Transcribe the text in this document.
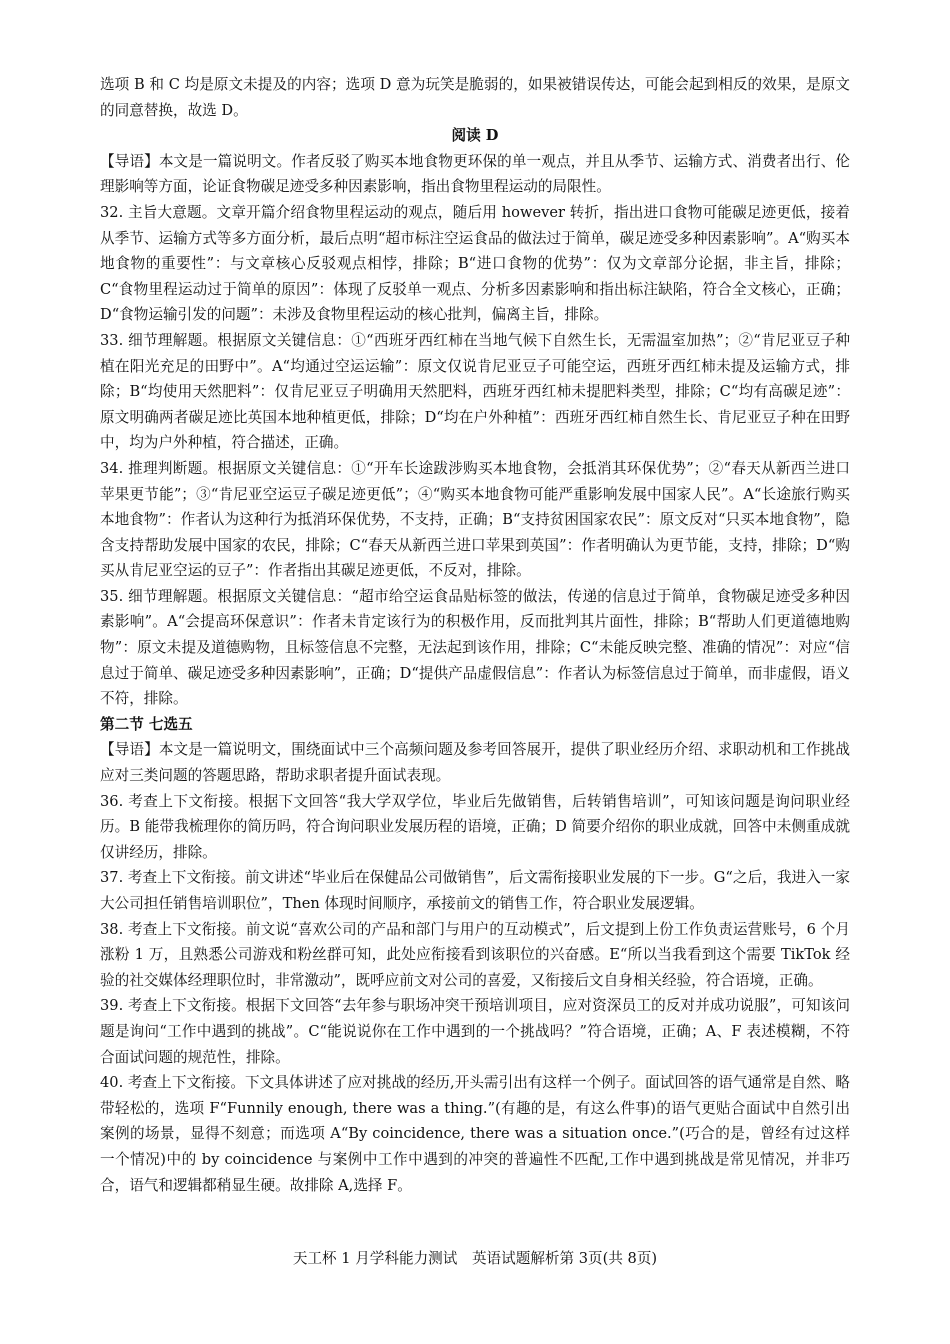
选项 B 和 C 均是原文未提及的内容；选项 D 意为玩笑是脆弱的，如果被错误传达，可能会起到相反的效果，是原文的同意替换，故选 D。

阅读 D

【导语】本文是一篇说明文。作者反驳了购买本地食物更环保的单一观点，并且从季节、运输方式、消费者出行、伦理影响等方面，论证食物碳足迹受多种因素影响，指出食物里程运动的局限性。

32. 主旨大意题。文章开篇介绍食物里程运动的观点，随后用 however 转折，指出进口食物可能碳足迹更低，接着从季节、运输方式等多方面分析，最后点明“超市标注空运食品的做法过于简单，碳足迹受多种因素影响”。A“购买本地食物的重要性”：与文章核心反驳观点相悖，排除；B“进口食物的优势”：仅为文章部分论据，非主旨，排除；C“食物里程运动过于简单的原因”：体现了反驳单一观点、分析多因素影响和指出标注缺陷，符合全文核心，正确；D“食物运输引发的问题”：未涉及食物里程运动的核心批判，偏离主旨，排除。

33. 细节理解题。根据原文关键信息：①“西班牙西红柿在当地气候下自然生长，无需温室加热”；②“肯尼亚豆子种植在阳光充足的田野中”。A“均通过空运运输”：原文仅说肯尼亚豆子可能空运，西班牙西红柿未提及运输方式，排除；B“均使用天然肥料”：仅肯尼亚豆子明确用天然肥料，西班牙西红柿未提肥料类型，排除；C“均有高碳足迹”：原文明确两者碳足迹比英国本地种植更低，排除；D“均在户外种植”：西班牙西红柿自然生长、肯尼亚豆子种在田野中，均为户外种植，符合描述，正确。

34. 推理判断题。根据原文关键信息：①“开车长途跋涉购买本地食物，会抵消其环保优势”；②“春天从新西兰进口苹果更节能”；③“肯尼亚空运豆子碳足迹更低”；④“购买本地食物可能严重影响发展中国家人民”。A“长途旅行购买本地食物”：作者认为这种行为抵消环保优势，不支持，正确；B“支持贫困国家农民”：原文反对“只买本地食物”，隐含支持帮助发展中国家的农民，排除；C“春天从新西兰进口苹果到英国”：作者明确认为更节能，支持，排除；D“购买从肯尼亚空运的豆子”：作者指出其碳足迹更低，不反对，排除。

35. 细节理解题。根据原文关键信息：“超市给空运食品贴标签的做法，传递的信息过于简单，食物碳足迹受多种因素影响”。A“会提高环保意识”：作者未肯定该行为的积极作用，反而批判其片面性，排除；B“帮助人们更道德地购物”：原文未提及道德购物，且标签信息不完整，无法起到该作用，排除；C“未能反映完整、准确的情况”：对应“信息过于简单、碳足迹受多种因素影响”，正确；D“提供产品虚假信息”：作者认为标签信息过于简单，而非虚假，语义不符，排除。

第二节 七选五

【导语】本文是一篇说明文，围绕面试中三个高频问题及参考回答展开，提供了职业经历介绍、求职动机和工作挑战应对三类问题的答题思路，帮助求职者提升面试表现。

36. 考查上下文衔接。根据下文回答“我大学双学位，毕业后先做销售，后转销售培训”，可知该问题是询问职业经历。B 能带我梳理你的简历吗，符合询问职业发展历程的语境，正确；D 简要介绍你的职业成就，回答中未侧重成就仅讲经历，排除。

37. 考查上下文衔接。前文讲述“毕业后在保健品公司做销售”，后文需衔接职业发展的下一步。G“之后，我进入一家大公司担任销售培训职位”，Then 体现时间顺序，承接前文的销售工作，符合职业发展逻辑。

38. 考查上下文衔接。前文说“喜欢公司的产品和部门与用户的互动模式”，后文提到上份工作负责运营账号，6 个月涨粉 1 万，且熟悉公司游戏和粉丝群可知，此处应衔接看到该职位的兴奋感。E“所以当我看到这个需要 TikTok 经验的社交媒体经理职位时，非常激动”，既呼应前文对公司的喜爱，又衔接后文自身相关经验，符合语境，正确。

39. 考查上下文衔接。根据下文回答“去年参与职场冲突干预培训项目，应对资深员工的反对并成功说服”，可知该问题是询问“工作中遇到的挑战”。C“能说说你在工作中遇到的一个挑战吗？”符合语境，正确；A、F 表述模糊，不符合面试问题的规范性，排除。

40. 考查上下文衔接。下文具体讲述了应对挑战的经历,开头需引出有这样一个例子。面试回答的语气通常是自然、略带轻松的，选项 F“Funnily enough, there was a thing.”(有趣的是，有这么件事)的语气更贴合面试中自然引出案例的场景，显得不刻意；而选项 A“By coincidence, there was a situation once.”(巧合的是，曾经有过这样一个情况)中的 by coincidence 与案例中工作中遇到的冲突的普遍性不匹配,工作中遇到挑战是常见情况，并非巧合，语气和逻辑都稍显生硬。故排除 A,选择 F。

天工杯 1 月学科能力测试　英语试题解析第 3页(共 8页)
